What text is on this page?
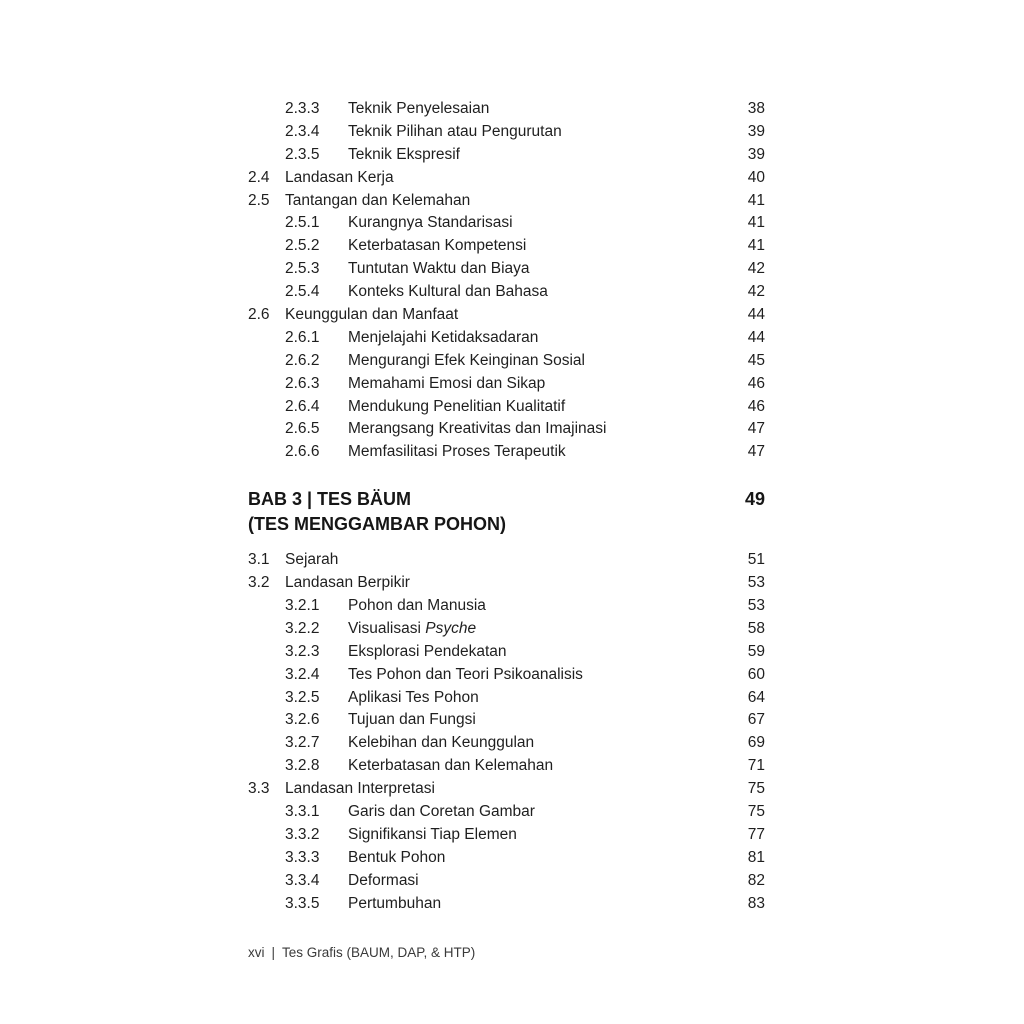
2.3.3	Teknik Penyelesaian	38
2.3.4	Teknik Pilihan atau Pengurutan	39
2.3.5	Teknik Ekspresif	39
2.4 Landasan Kerja	40
2.5 Tantangan dan Kelemahan	41
2.5.1	Kurangnya Standarisasi	41
2.5.2	Keterbatasan Kompetensi	41
2.5.3	Tuntutan Waktu dan Biaya	42
2.5.4	Konteks Kultural dan Bahasa	42
2.6 Keunggulan dan Manfaat	44
2.6.1	Menjelajahi Ketidaksadaran	44
2.6.2	Mengurangi Efek Keinginan Sosial	45
2.6.3	Memahami Emosi dan Sikap	46
2.6.4	Mendukung Penelitian Kualitatif	46
2.6.5	Merangsang Kreativitas dan Imajinasi	47
2.6.6	Memfasilitasi Proses Terapeutik	47
BAB 3 | TES BÄUM
(TES MENGGAMBAR POHON)
49
3.1 Sejarah	51
3.2 Landasan Berpikir	53
3.2.1	Pohon dan Manusia	53
3.2.2	Visualisasi Psyche	58
3.2.3	Eksplorasi Pendekatan	59
3.2.4	Tes Pohon dan Teori Psikoanalisis	60
3.2.5	Aplikasi Tes Pohon	64
3.2.6	Tujuan dan Fungsi	67
3.2.7	Kelebihan dan Keunggulan	69
3.2.8	Keterbatasan dan Kelemahan	71
3.3 Landasan Interpretasi	75
3.3.1	Garis dan Coretan Gambar	75
3.3.2	Signifikansi Tiap Elemen	77
3.3.3	Bentuk Pohon	81
3.3.4	Deformasi	82
3.3.5	Pertumbuhan	83
xvi | Tes Grafis (BAUM, DAP, & HTP)
